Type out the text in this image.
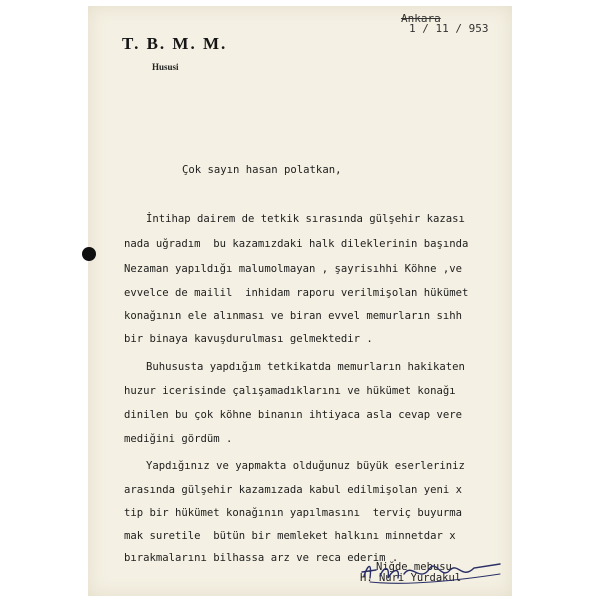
T. B. M. M.
Hususi
Ankara
1 / 11 / 953
Çok sayın hasan polatkan,
İntihap dairem de tetkik sırasında gülşehir kazası
nada uğradım  bu kazamızdaki halk dileklerinin başında
Nezaman yapıldığı malumolmayan , şayrisıhhi Köhne ,ve
evvelce de mailil  inhidam raporu verilmişolan hükümet
konağının ele alınması ve biran evvel memurların sıhh
bir binaya kavuşdurulması gelmektedir .
Buhususta yapdığım tetkikatda memurların hakikaten
huzur icerisinde çalışamadıklarını ve hükümet konağı
dinilen bu çok köhne binanın ihtiyaca asla cevap vere
mediğini gördüm .
Yapdığınız ve yapmakta olduğunuz büyük eserleriniz
arasında gülşehir kazamızada kabul edilmişolan yeni x
tip bir hükümet konağının yapılmasını  terviç buyurma
mak suretile  bütün bir memleket halkını minnetdar x
bırakmalarını bilhassa arz ve reca ederim .
Niğde mebusu
H. Nuri Yurdakul
